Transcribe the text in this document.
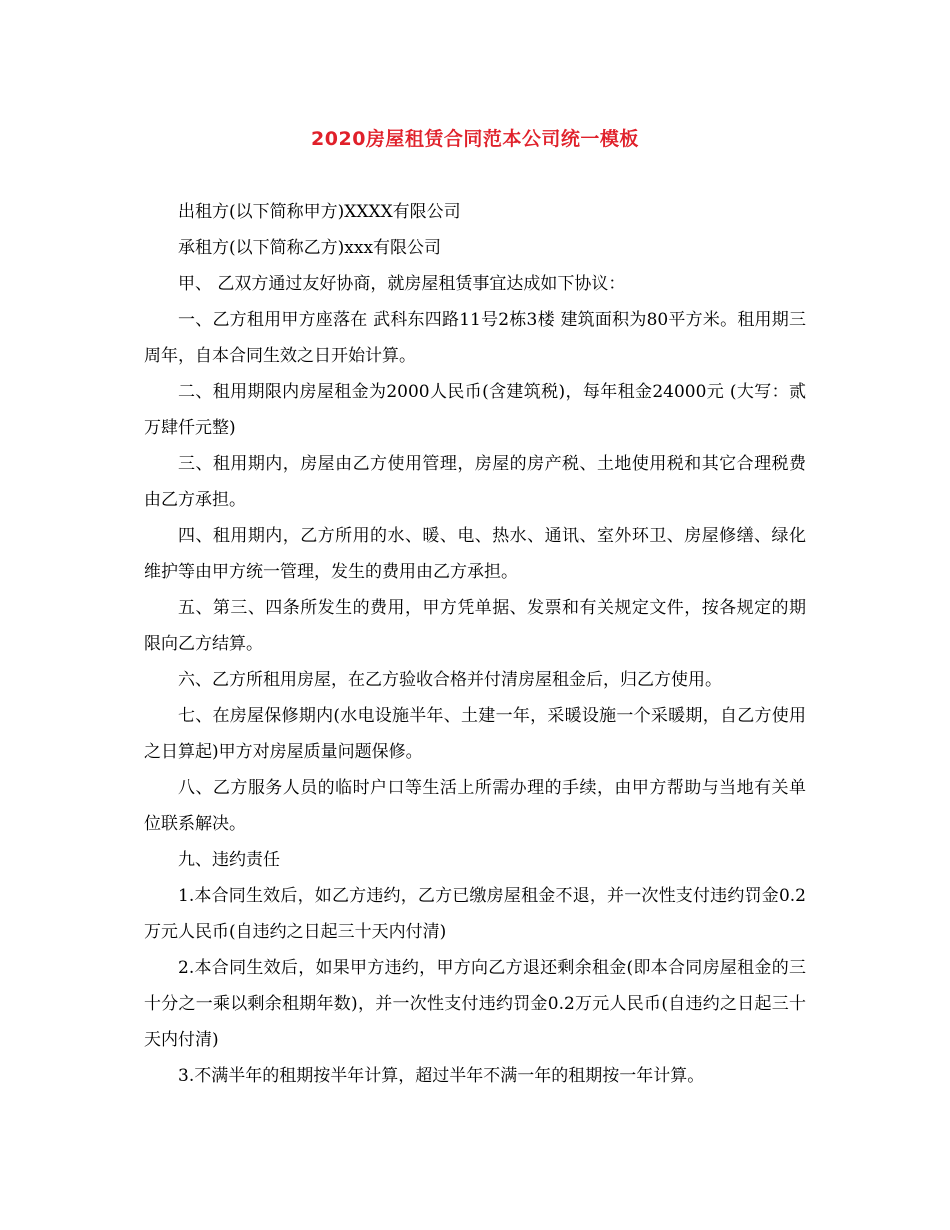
2020房屋租赁合同范本公司统一模板

出租方(以下简称甲方)XXXX有限公司

承租方(以下简称乙方)xxx有限公司

甲、 乙双方通过友好协商，就房屋租赁事宜达成如下协议：

一、乙方租用甲方座落在 武科东四路11号2栋3楼 建筑面积为80平方米。租用期三周年，自本合同生效之日开始计算。

二、租用期限内房屋租金为2000人民币(含建筑税)，每年租金24000元 (大写：贰万肆仟元整)

三、租用期内，房屋由乙方使用管理，房屋的房产税、土地使用税和其它合理税费由乙方承担。

四、租用期内，乙方所用的水、暖、电、热水、通讯、室外环卫、房屋修缮、绿化维护等由甲方统一管理，发生的费用由乙方承担。

五、第三、四条所发生的费用，甲方凭单据、发票和有关规定文件，按各规定的期限向乙方结算。

六、乙方所租用房屋，在乙方验收合格并付清房屋租金后，归乙方使用。

七、在房屋保修期内(水电设施半年、土建一年，采暖设施一个采暖期，自乙方使用之日算起)甲方对房屋质量问题保修。

八、乙方服务人员的临时户口等生活上所需办理的手续，由甲方帮助与当地有关单位联系解决。

九、违约责任

1.本合同生效后，如乙方违约，乙方已缴房屋租金不退，并一次性支付违约罚金0.2万元人民币(自违约之日起三十天内付清)

2.本合同生效后，如果甲方违约，甲方向乙方退还剩余租金(即本合同房屋租金的三十分之一乘以剩余租期年数)，并一次性支付违约罚金0.2万元人民币(自违约之日起三十天内付清)

3.不满半年的租期按半年计算，超过半年不满一年的租期按一年计算。
